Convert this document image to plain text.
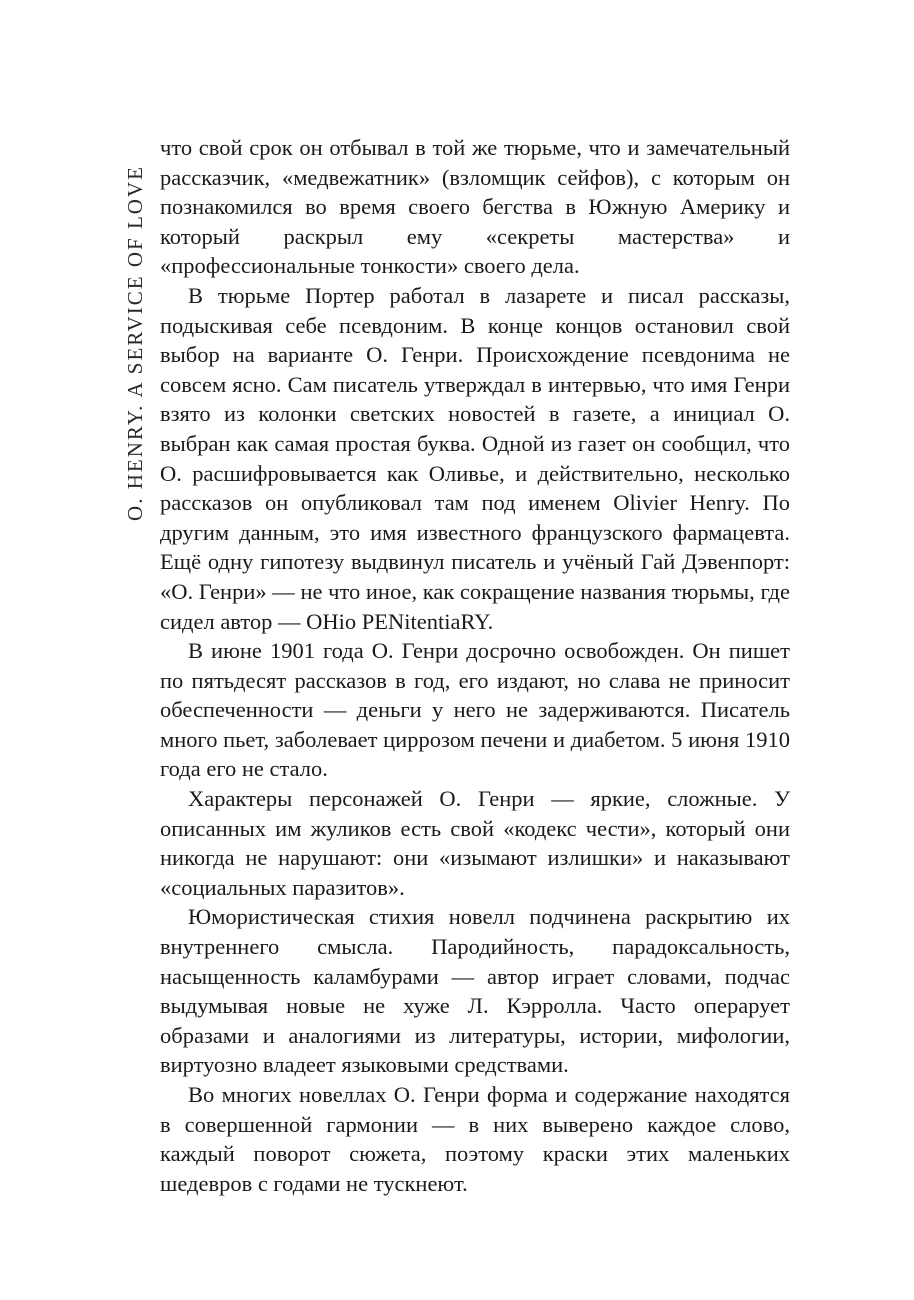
O. HENRY. A SERVICE OF LOVE

что свой срок он отбывал в той же тюрьме, что и замечательный рассказчик, «медвежатник» (взломщик сейфов), с которым он познакомился во время своего бегства в Южную Америку и который раскрыл ему «секреты мастерства» и «профессиональные тонкости» своего дела.

В тюрьме Портер работал в лазарете и писал рассказы, подыскивая себе псевдоним. В конце концов остановил свой выбор на варианте О. Генри. Происхождение псевдонима не совсем ясно. Сам писатель утверждал в интервью, что имя Генри взято из колонки светских новостей в газете, а инициал О. выбран как самая простая буква. Одной из газет он сообщил, что О. расшифровывается как Оливье, и действительно, несколько рассказов он опубликовал там под именем Olivier Henry. По другим данным, это имя известного французского фармацевта. Ещё одну гипотезу выдвинул писатель и учёный Гай Дэвенпорт: «О. Генри» — не что иное, как сокращение названия тюрьмы, где сидел автор — OHio PENitentiaRY.

В июне 1901 года О. Генри досрочно освобожден. Он пишет по пятьдесят рассказов в год, его издают, но слава не приносит обеспеченности — деньги у него не задерживаются. Писатель много пьет, заболевает циррозом печени и диабетом. 5 июня 1910 года его не стало.

Характеры персонажей О. Генри — яркие, сложные. У описанных им жуликов есть свой «кодекс чести», который они никогда не нарушают: они «изымают излишки» и наказывают «социальных паразитов».

Юмористическая стихия новелл подчинена раскрытию их внутреннего смысла. Пародийность, парадоксальность, насыщенность каламбурами — автор играет словами, подчас выдумывая новые не хуже Л. Кэрролла. Часто операрует образами и аналогиями из литературы, истории, мифологии, виртуозно владеет языковыми средствами.

Во многих новеллах О. Генри форма и содержание находятся в совершенной гармонии — в них выверено каждое слово, каждый поворот сюжета, поэтому краски этих маленьких шедевров с годами не тускнеют.
